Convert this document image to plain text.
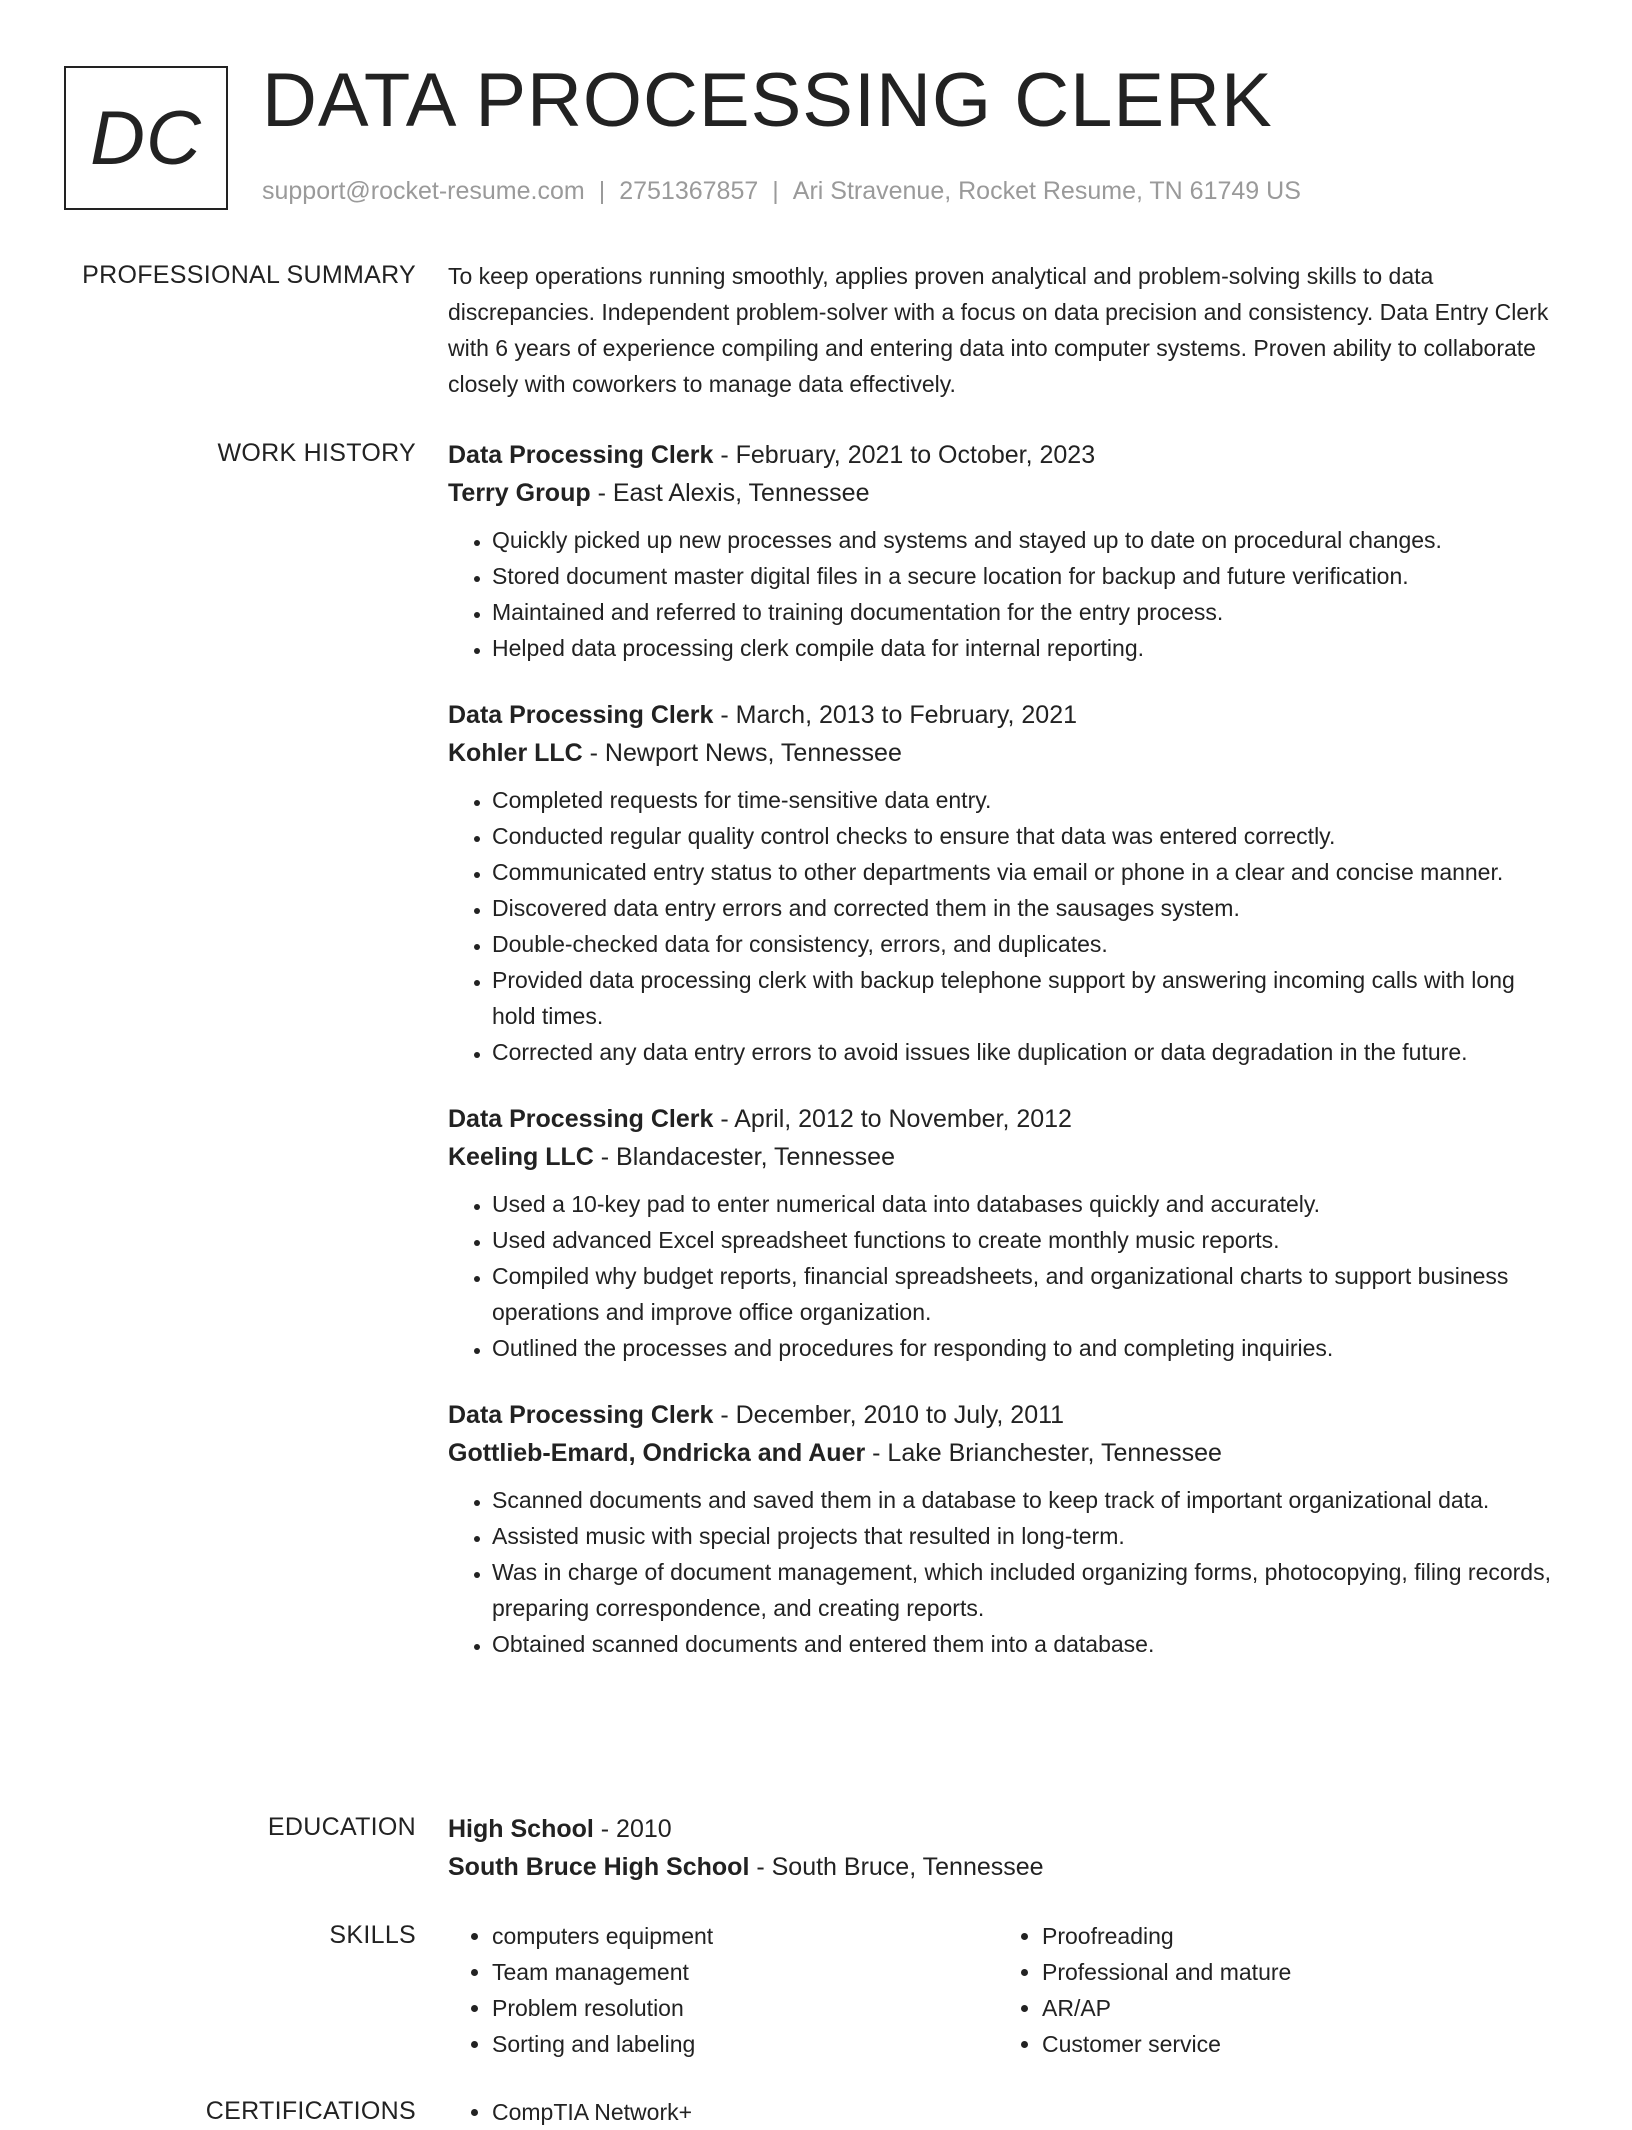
DC DATA PROCESSING CLERK
support@rocket-resume.com | 2751367857 | Ari Stravenue, Rocket Resume, TN 61749 US
PROFESSIONAL SUMMARY To keep operations running smoothly, applies proven analytical and problem-solving skills to data discrepancies. Independent problem-solver with a focus on data precision and consistency. Data Entry Clerk with 6 years of experience compiling and entering data into computer systems. Proven ability to collaborate closely with coworkers to manage data effectively.

WORK HISTORY Data Processing Clerk - February, 2021 to October, 2023
Terry Group - East Alexis, Tennessee
• Quickly picked up new processes and systems and stayed up to date on procedural changes.
• Stored document master digital files in a secure location for backup and future verification.
• Maintained and referred to training documentation for the entry process.
• Helped data processing clerk compile data for internal reporting.
Data Processing Clerk - March, 2013 to February, 2021
Kohler LLC - Newport News, Tennessee
• Completed requests for time-sensitive data entry.
• Conducted regular quality control checks to ensure that data was entered correctly.
• Communicated entry status to other departments via email or phone in a clear and concise manner.
• Discovered data entry errors and corrected them in the sausages system.
• Double-checked data for consistency, errors, and duplicates.
• Provided data processing clerk with backup telephone support by answering incoming calls with long hold times.
• Corrected any data entry errors to avoid issues like duplication or data degradation in the future.
Data Processing Clerk - April, 2012 to November, 2012
Keeling LLC - Blandacester, Tennessee
• Used a 10-key pad to enter numerical data into databases quickly and accurately.
• Used advanced Excel spreadsheet functions to create monthly music reports.
• Compiled why budget reports, financial spreadsheets, and organizational charts to support business operations and improve office organization.
• Outlined the processes and procedures for responding to and completing inquiries.
Data Processing Clerk - December, 2010 to July, 2011
Gottlieb-Emard, Ondricka and Auer - Lake Brianchester, Tennessee
• Scanned documents and saved them in a database to keep track of important organizational data.
• Assisted music with special projects that resulted in long-term.
• Was in charge of document management, which included organizing forms, photocopying, filing records, preparing correspondence, and creating reports.
• Obtained scanned documents and entered them into a database.
EDUCATION High School - 2010
South Bruce High School - South Bruce, Tennessee
SKILLS	• computers equipment
• Team management
• Problem resolution
• Sorting and labeling
• Proofreading
• Professional and mature
• AR/AP
• Customer service
CERTIFICATIONS	• CompTIA Network+
